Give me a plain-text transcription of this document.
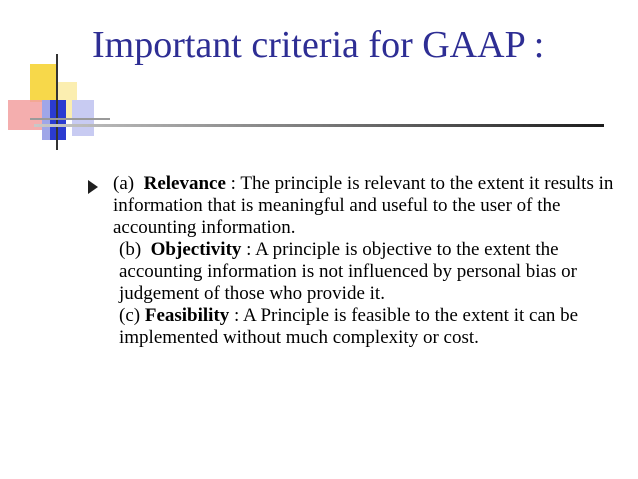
Important criteria for GAAP :

(a) Relevance : The principle is relevant to the extent it results in information that is meaningful and useful to the user of the accounting information.

(b) Objectivity : A principle is objective to the extent the accounting information is not influenced by personal bias or judgement of those who provide it.

(c) Feasibility : A Principle is feasible to the extent it can be implemented without much complexity or cost.
